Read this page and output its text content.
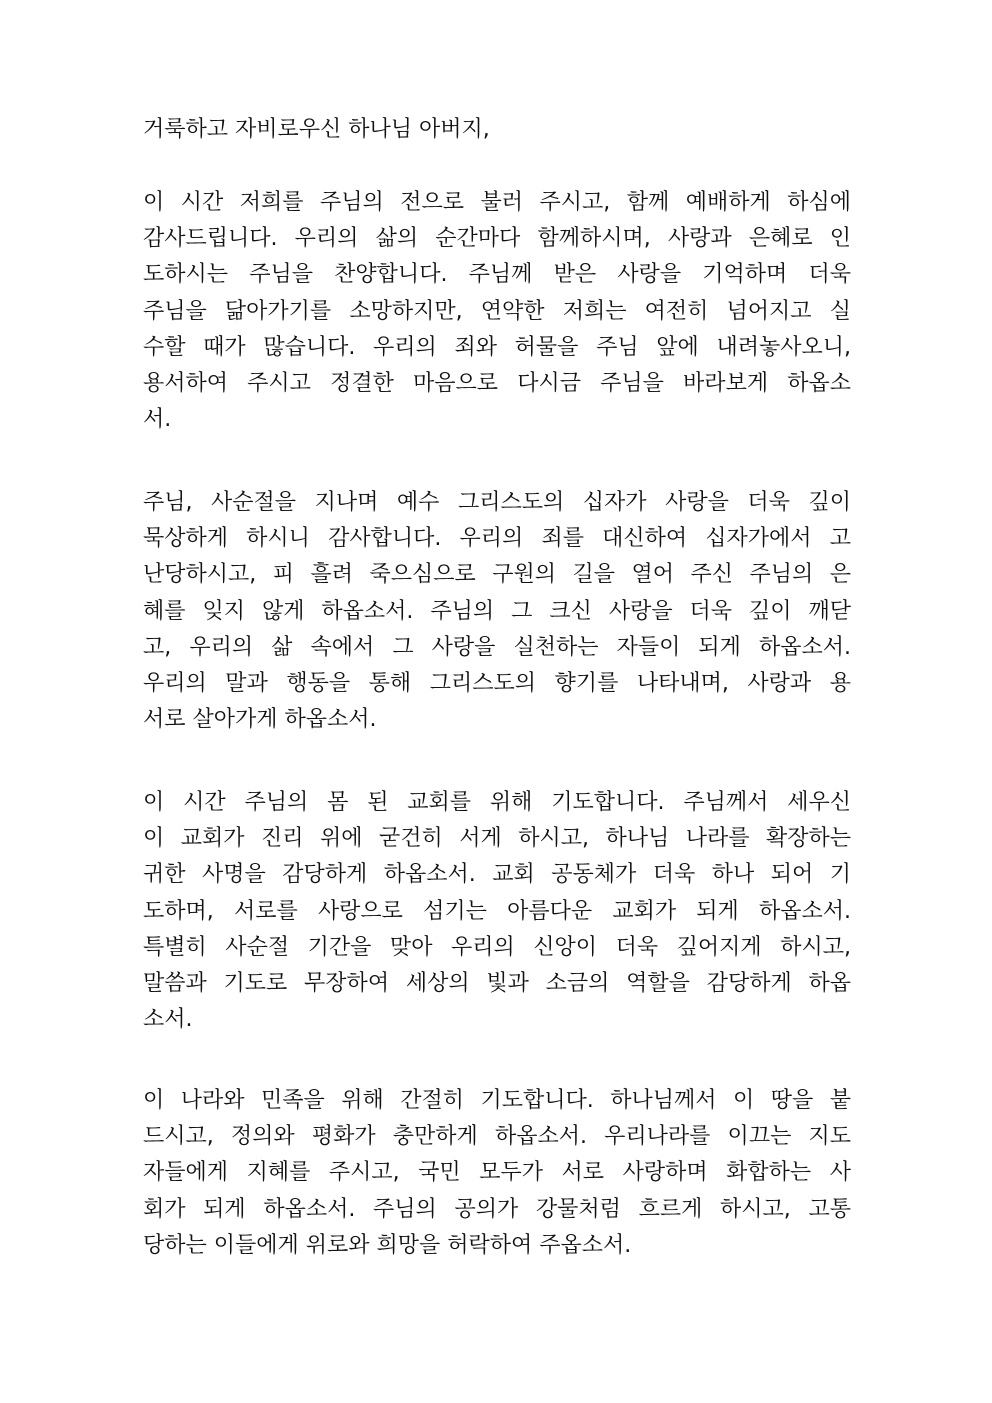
거룩하고 자비로우신 하나님 아버지,
이 시간 저희를 주님의 전으로 불러 주시고, 함께 예배하게 하심에
감사드립니다. 우리의 삶의 순간마다 함께하시며, 사랑과 은혜로 인
도하시는 주님을 찬양합니다. 주님께 받은 사랑을 기억하며 더욱
주님을 닮아가기를 소망하지만, 연약한 저희는 여전히 넘어지고 실
수할 때가 많습니다. 우리의 죄와 허물을 주님 앞에 내려놓사오니,
용서하여 주시고 정결한 마음으로 다시금 주님을 바라보게 하옵소
서.
주님, 사순절을 지나며 예수 그리스도의 십자가 사랑을 더욱 깊이
묵상하게 하시니 감사합니다. 우리의 죄를 대신하여 십자가에서 고
난당하시고, 피 흘려 죽으심으로 구원의 길을 열어 주신 주님의 은
혜를 잊지 않게 하옵소서. 주님의 그 크신 사랑을 더욱 깊이 깨닫
고, 우리의 삶 속에서 그 사랑을 실천하는 자들이 되게 하옵소서.
우리의 말과 행동을 통해 그리스도의 향기를 나타내며, 사랑과 용
서로 살아가게 하옵소서.
이 시간 주님의 몸 된 교회를 위해 기도합니다. 주님께서 세우신
이 교회가 진리 위에 굳건히 서게 하시고, 하나님 나라를 확장하는
귀한 사명을 감당하게 하옵소서. 교회 공동체가 더욱 하나 되어 기
도하며, 서로를 사랑으로 섬기는 아름다운 교회가 되게 하옵소서.
특별히 사순절 기간을 맞아 우리의 신앙이 더욱 깊어지게 하시고,
말씀과 기도로 무장하여 세상의 빛과 소금의 역할을 감당하게 하옵
소서.
이 나라와 민족을 위해 간절히 기도합니다. 하나님께서 이 땅을 붙
드시고, 정의와 평화가 충만하게 하옵소서. 우리나라를 이끄는 지도
자들에게 지혜를 주시고, 국민 모두가 서로 사랑하며 화합하는 사
회가 되게 하옵소서. 주님의 공의가 강물처럼 흐르게 하시고, 고통
당하는 이들에게 위로와 희망을 허락하여 주옵소서.
